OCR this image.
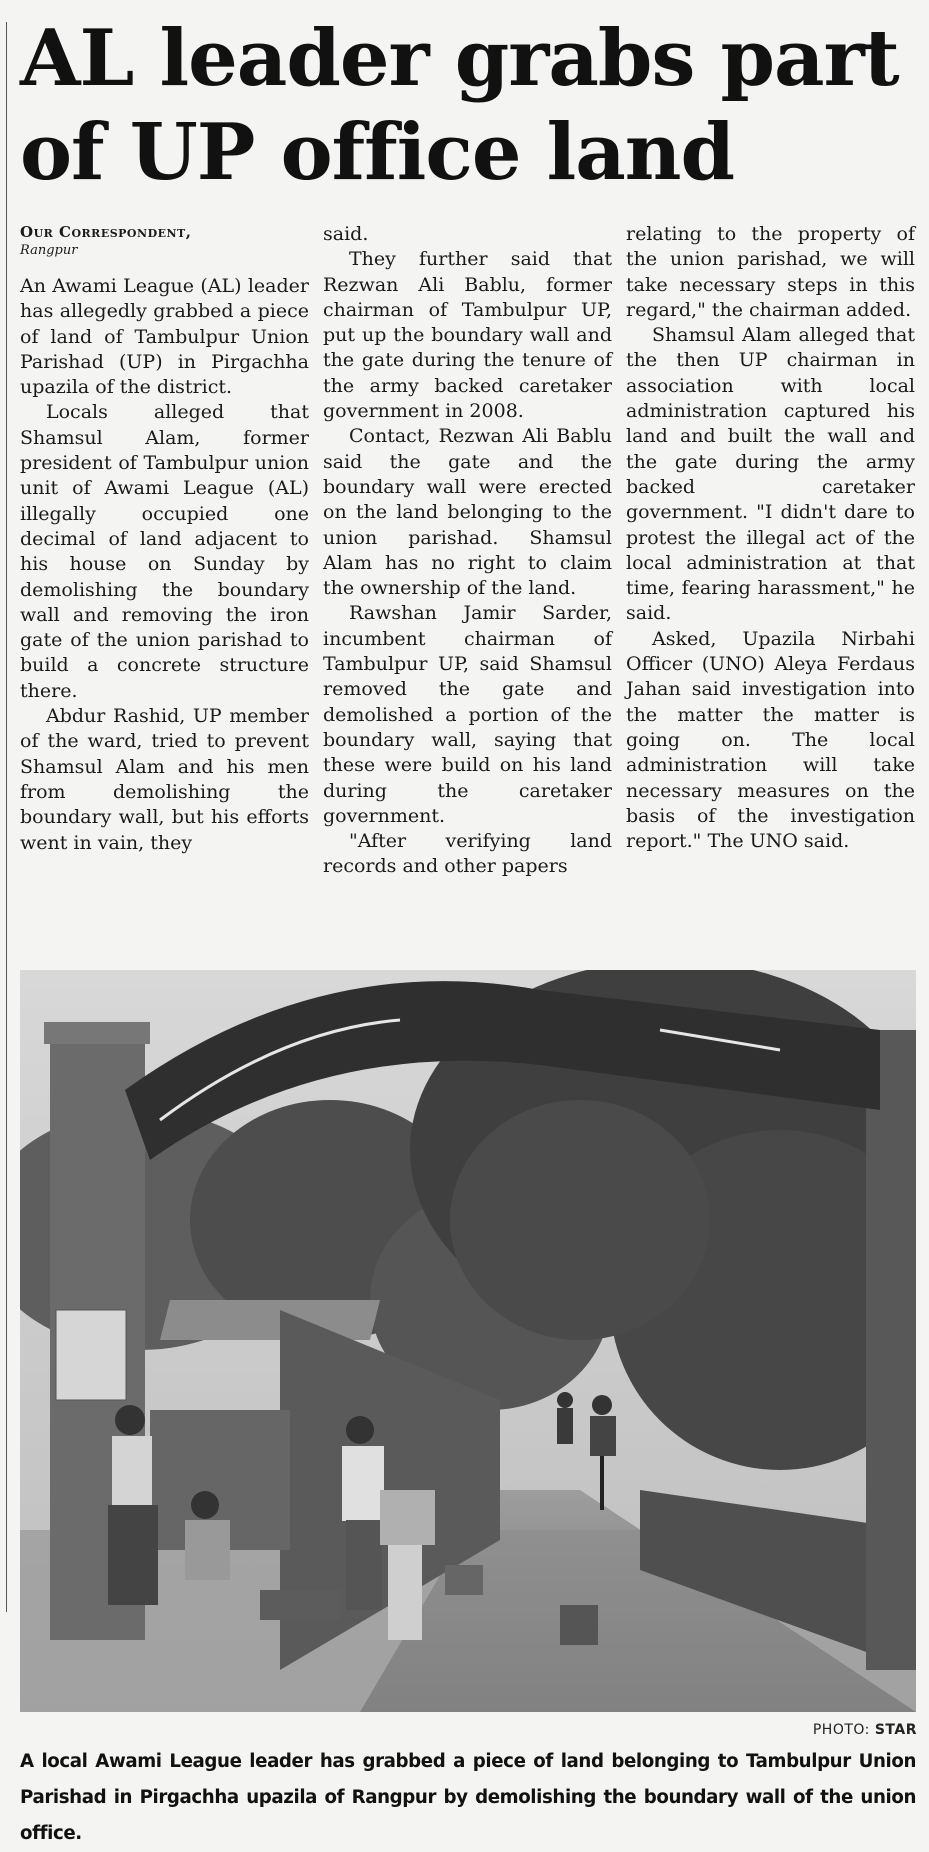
AL leader grabs part of UP office land
Our Correspondent,
Rangpur

An Awami League (AL) leader has allegedly grabbed a piece of land of Tambulpur Union Parishad (UP) in Pirgachha upazila of the district.

Locals alleged that Shamsul Alam, former president of Tambulpur union unit of Awami League (AL) illegally occupied one decimal of land adjacent to his house on Sunday by demolishing the boundary wall and removing the iron gate of the union parishad to build a concrete structure there.

Abdur Rashid, UP member of the ward, tried to prevent Shamsul Alam and his men from demolishing the boundary wall, but his efforts went in vain, they

said.

They further said that Rezwan Ali Bablu, former chairman of Tambulpur UP, put up the boundary wall and the gate during the tenure of the army backed caretaker government in 2008.

Contact, Rezwan Ali Bablu said the gate and the boundary wall were erected on the land belonging to the union parishad. Shamsul Alam has no right to claim the ownership of the land.

Rawshan Jamir Sarder, incumbent chairman of Tambulpur UP, said Shamsul removed the gate and demolished a portion of the boundary wall, saying that these were build on his land during the caretaker government.

"After verifying land records and other papers

relating to the property of the union parishad, we will take necessary steps in this regard," the chairman added.

Shamsul Alam alleged that the then UP chairman in association with local administration captured his land and built the wall and the gate during the army backed caretaker government. "I didn't dare to protest the illegal act of the local administration at that time, fearing harassment," he said.

Asked, Upazila Nirbahi Officer (UNO) Aleya Ferdaus Jahan said investigation into the matter the matter is going on. The local administration will take necessary measures on the basis of the investigation report." The UNO said.

PHOTO: STAR
A local Awami League leader has grabbed a piece of land belonging to Tambulpur Union Parishad in Pirgachha upazila of Rangpur by demolishing the boundary wall of the union office.
